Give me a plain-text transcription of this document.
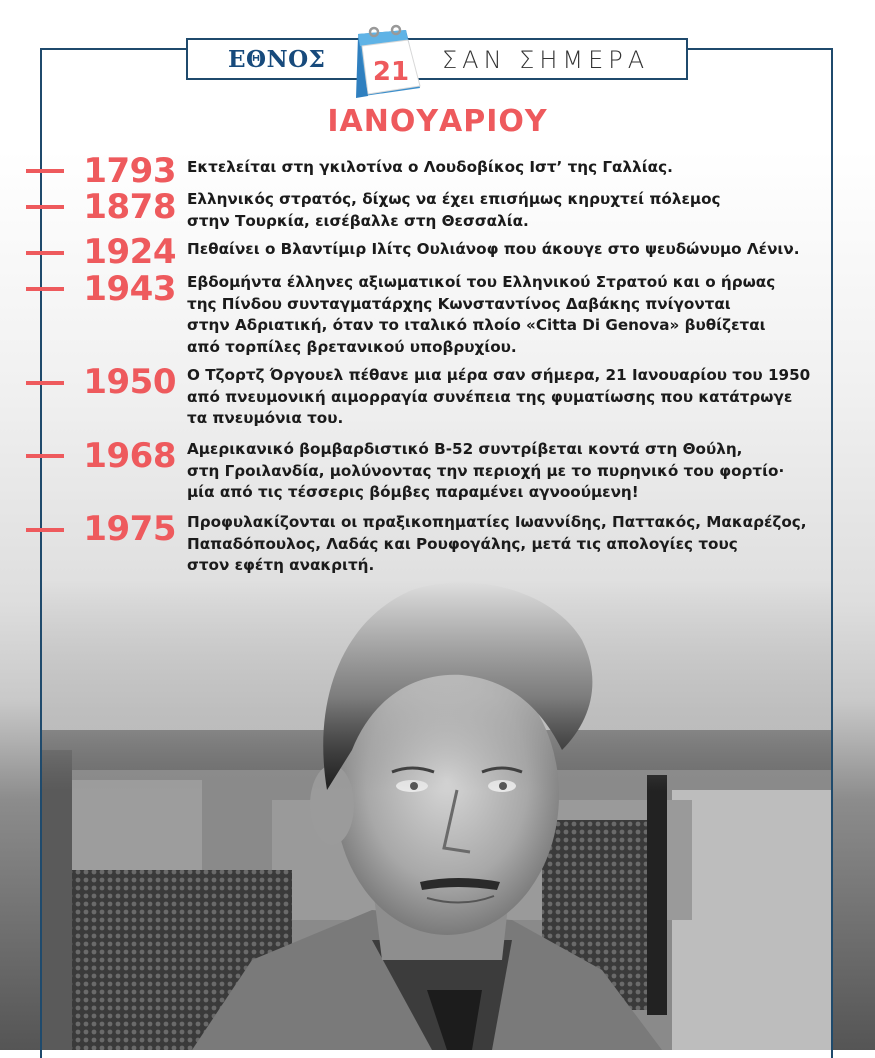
ΕΘΝΟΣ	ΣΑΝ ΣΗΜΕΡΑ
21
ΙΑΝΟΥΑΡΙΟΥ
1793 Εκτελείται στη γκιλοτίνα ο Λουδοβίκος Ιστ’ της Γαλλίας.
1878 Ελληνικός στρατός, δίχως να έχει επισήμως κηρυχτεί πόλεμος
στην Τουρκία, εισέβαλλε στη Θεσσαλία.
1924 Πεθαίνει ο Βλαντίμιρ Ιλίτς Ουλιάνοφ που άκουγε στο ψευδώνυμο Λένιν.
1943 Εβδομήντα έλληνες αξιωματικοί του Ελληνικού Στρατού και ο ήρωας
της Πίνδου συνταγματάρχης Κωνσταντίνος Δαβάκης πνίγονται
στην Αδριατική, όταν το ιταλικό πλοίο «Citta Di Genova» βυθίζεται
από τορπίλες βρετανικού υποβρυχίου.
1950 Ο Τζορτζ Όργουελ πέθανε μια μέρα σαν σήμερα, 21 Ιανουαρίου του 1950
από πνευμονική αιμορραγία συνέπεια της φυματίωσης που κατάτρωγε
τα πνευμόνια του.
1968 Αμερικανικό βομβαρδιστικό B-52 συντρίβεται κοντά στη Θούλη,
στη Γροιλανδία, μολύνοντας την περιοχή με το πυρηνικό του φορτίο·
μία από τις τέσσερις βόμβες παραμένει αγνοούμενη!
1975 Προφυλακίζονται οι πραξικοπηματίες Ιωαννίδης, Παττακός, Μακαρέζος,
Παπαδόπουλος, Λαδάς και Ρουφογάλης, μετά τις απολογίες τους
στον εφέτη ανακριτή.
